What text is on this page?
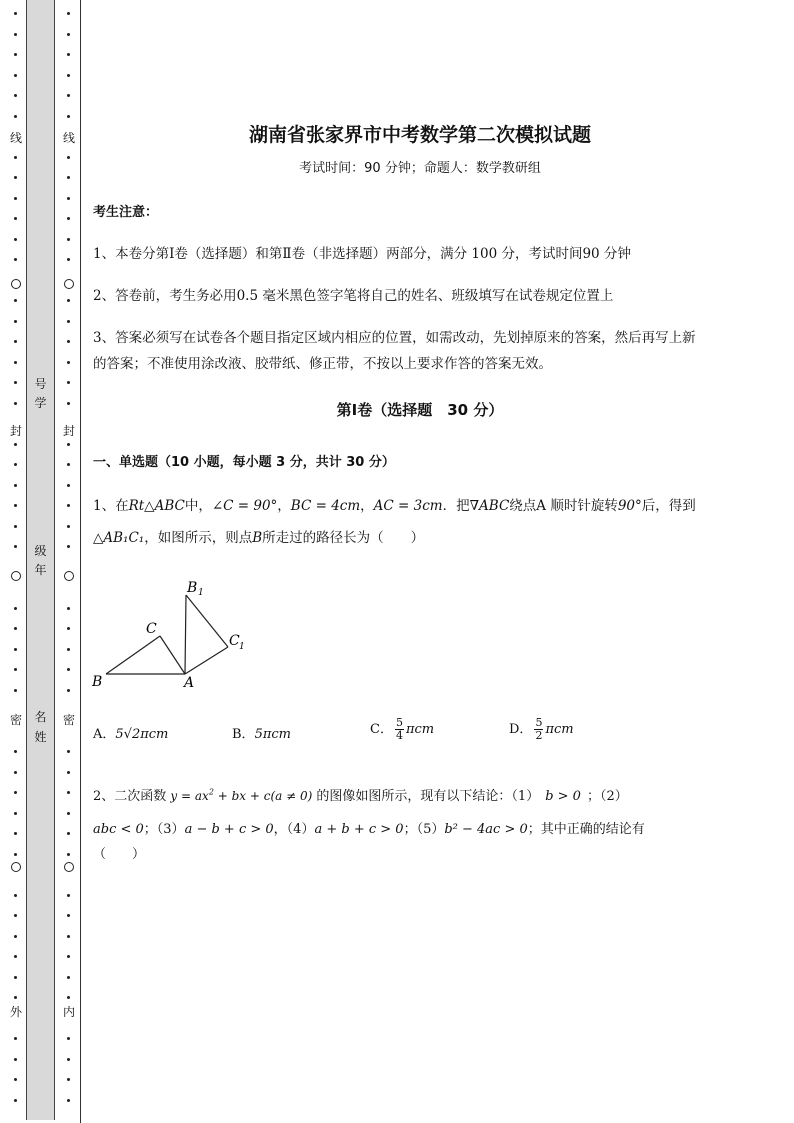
线
封
密
外
线
封
密
内
号
学
级
年
名
姓
湖南省张家界市中考数学第二次模拟试题
考试时间：90 分钟；命题人：数学教研组
考生注意：
1、本卷分第Ⅰ卷（选择题）和第Ⅱ卷（非选择题）两部分，满分 100 分，考试时间90 分钟
2、答卷前，考生务必用0.5 毫米黑色签字笔将自己的姓名、班级填写在试卷规定位置上
3、答案必须写在试卷各个题目指定区域内相应的位置，如需改动，先划掉原来的答案，然后再写上新
的答案；不准使用涂改液、胶带纸、修正带，不按以上要求作答的答案无效。
第Ⅰ卷（选择题　30 分）
一、单选题（10 小题，每小题 3 分，共计 30 分）
1、在Rt△ABC中，∠C = 90°，BC = 4cm，AC = 3cm．把∇ABC绕点A 顺时针旋转90°后，得到
△AB₁C₁，如图所示，则点B所走过的路径长为（　　）
B
C
A
B 1
C 1
A．5√2πcm	B．5πcm	C． $\frac{5}{4}$ πcm	D． $\frac{5}{2}$ πcm
2、二次函数 $y = ax^2$ + bx + c(a ≠ 0) 的图像如图所示，现有以下结论：（1） b > 0 ；（2）
abc < 0；（3）a − b + c > 0，（4）a + b + c > 0；（5）b² − 4ac > 0；其中正确的结论有
（　　）
